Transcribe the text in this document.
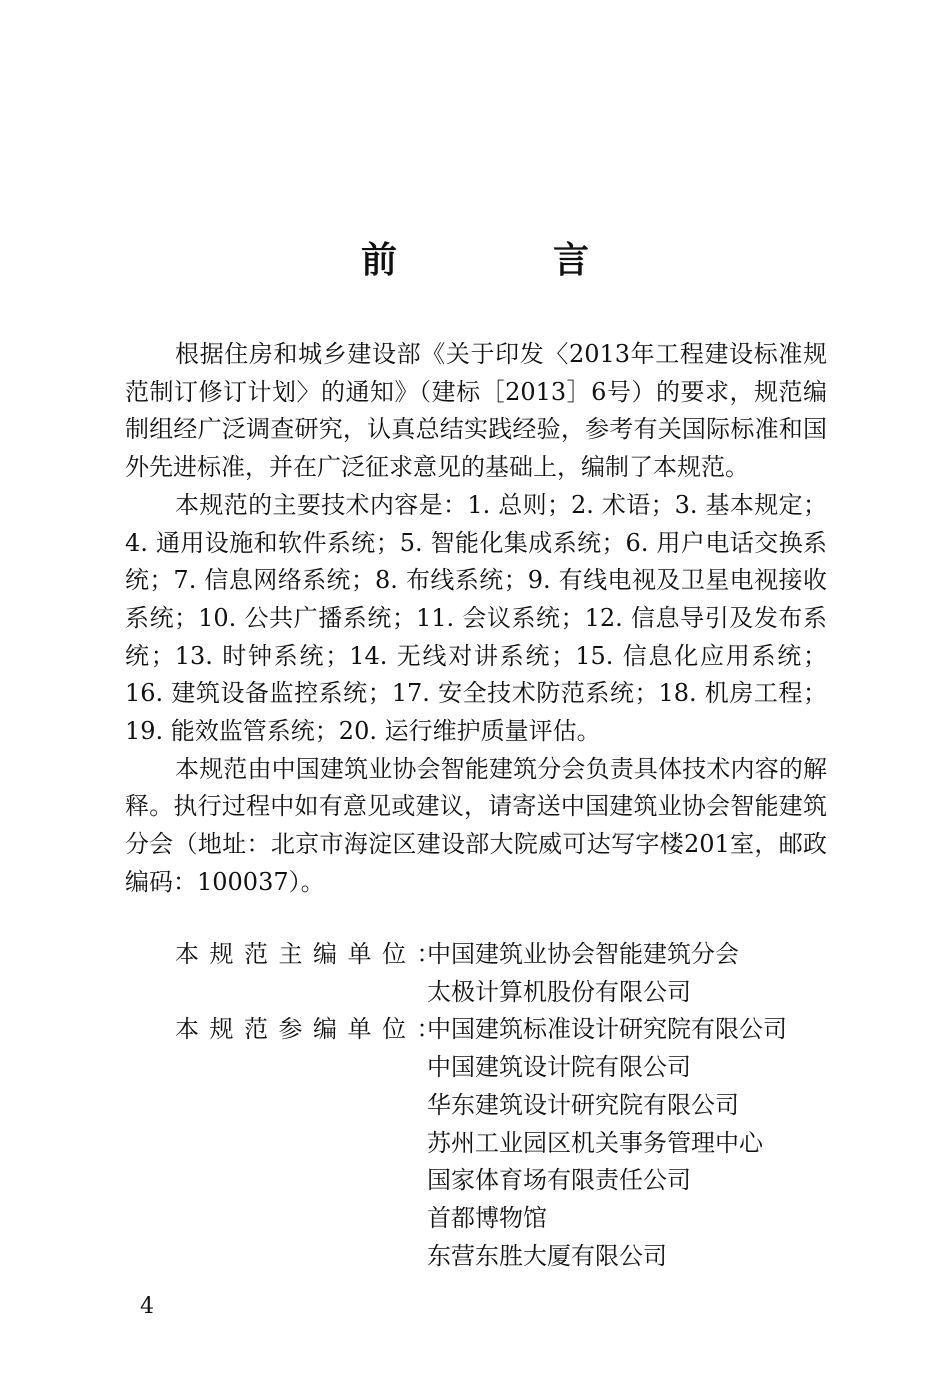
前　言

根据住房和城乡建设部《关于印发〈2013年工程建设标准规范制订修订计划〉的通知》（建标［2013］6号）的要求，规范编制组经广泛调查研究，认真总结实践经验，参考有关国际标准和国外先进标准，并在广泛征求意见的基础上，编制了本规范。

本规范的主要技术内容是：1. 总则；2. 术语；3. 基本规定；4. 通用设施和软件系统；5. 智能化集成系统；6. 用户电话交换系统；7. 信息网络系统；8. 布线系统；9. 有线电视及卫星电视接收系统；10. 公共广播系统；11. 会议系统；12. 信息导引及发布系统；13. 时钟系统；14. 无线对讲系统；15. 信息化应用系统；16. 建筑设备监控系统；17. 安全技术防范系统；18. 机房工程；19. 能效监管系统；20. 运行维护质量评估。

本规范由中国建筑业协会智能建筑分会负责具体技术内容的解释。执行过程中如有意见或建议，请寄送中国建筑业协会智能建筑分会（地址：北京市海淀区建设部大院威可达写字楼201室，邮政编码：100037）。

本规范主编单位：
中国建筑业协会智能建筑分会
太极计算机股份有限公司
本规范参编单位：
中国建筑标准设计研究院有限公司
中国建筑设计院有限公司
华东建筑设计研究院有限公司
苏州工业园区机关事务管理中心
国家体育场有限责任公司
首都博物馆
东营东胜大厦有限公司
4
